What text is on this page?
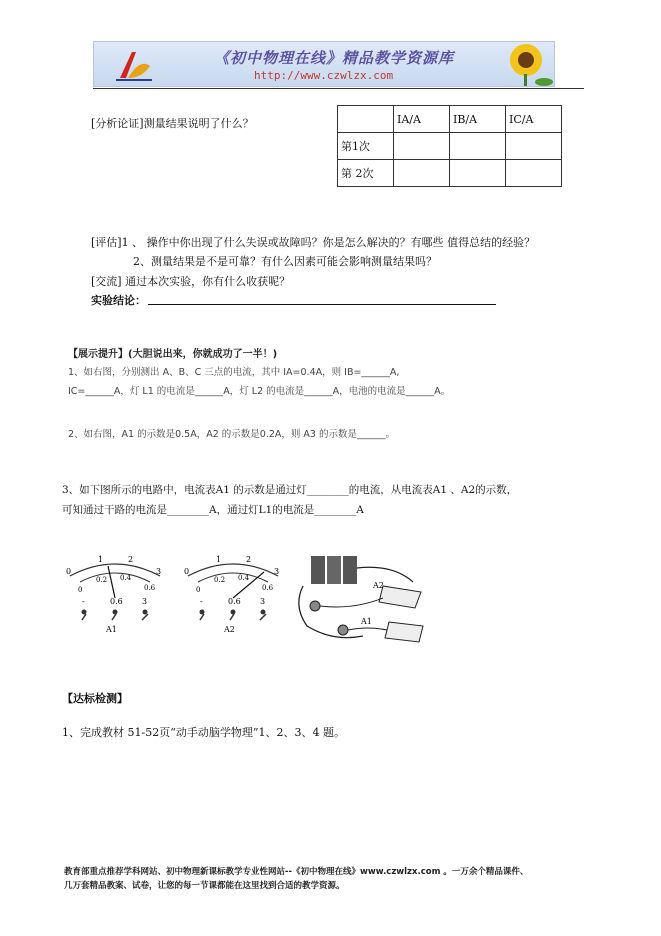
《初中物理在线》精品教学资源库
http://www.czwlzx.com
[分析论证]测量结果说明了什么？
		IA/A	IB/A	IC/A
第1次			
第 2次			
[评估]1 、 操作中你出现了什么失误或故障吗？你是怎么解决的？有哪些 值得总结的经验？
2、测量结果是不是可靠？有什么因素可能会影响测量结果吗？
[交流] 通过本次实验，你有什么收获呢？
实验结论：
【展示提升】(大胆说出来，你就成功了一半！)
1、如右图，分别测出 A、B、C 三点的电流，其中 IA=0.4A，则 IB=______A,
IC=______A，灯 L1 的电流是______A，灯 L2 的电流是______A，电池的电流是______A。
2、如右图，A1 的示数是0.5A，A2 的示数是0.2A，则 A3 的示数是______。
3、如下图所示的电路中，电流表A1 的示数是通过灯________的电流，从电流表A1 、A2的示数，
可知通过干路的电流是________A，通过灯L1的电流是________A
0
1	2
3
0
0.2 0.4
0.6
-	0.6 3
A1
0
1	2
3
0
0.2 0.4
0.6
-	0.6 3
A2
A2
A1
【达标检测】
1、完成教材 51-52页“动手动脑学物理”1、2、3、4 题。
教育部重点推荐学科网站、初中物理新课标教学专业性网站--《初中物理在线》www.czwlzx.com 。一万余个精品课件、
几万套精品教案、试卷，让您的每一节课都能在这里找到合适的教学资源。
